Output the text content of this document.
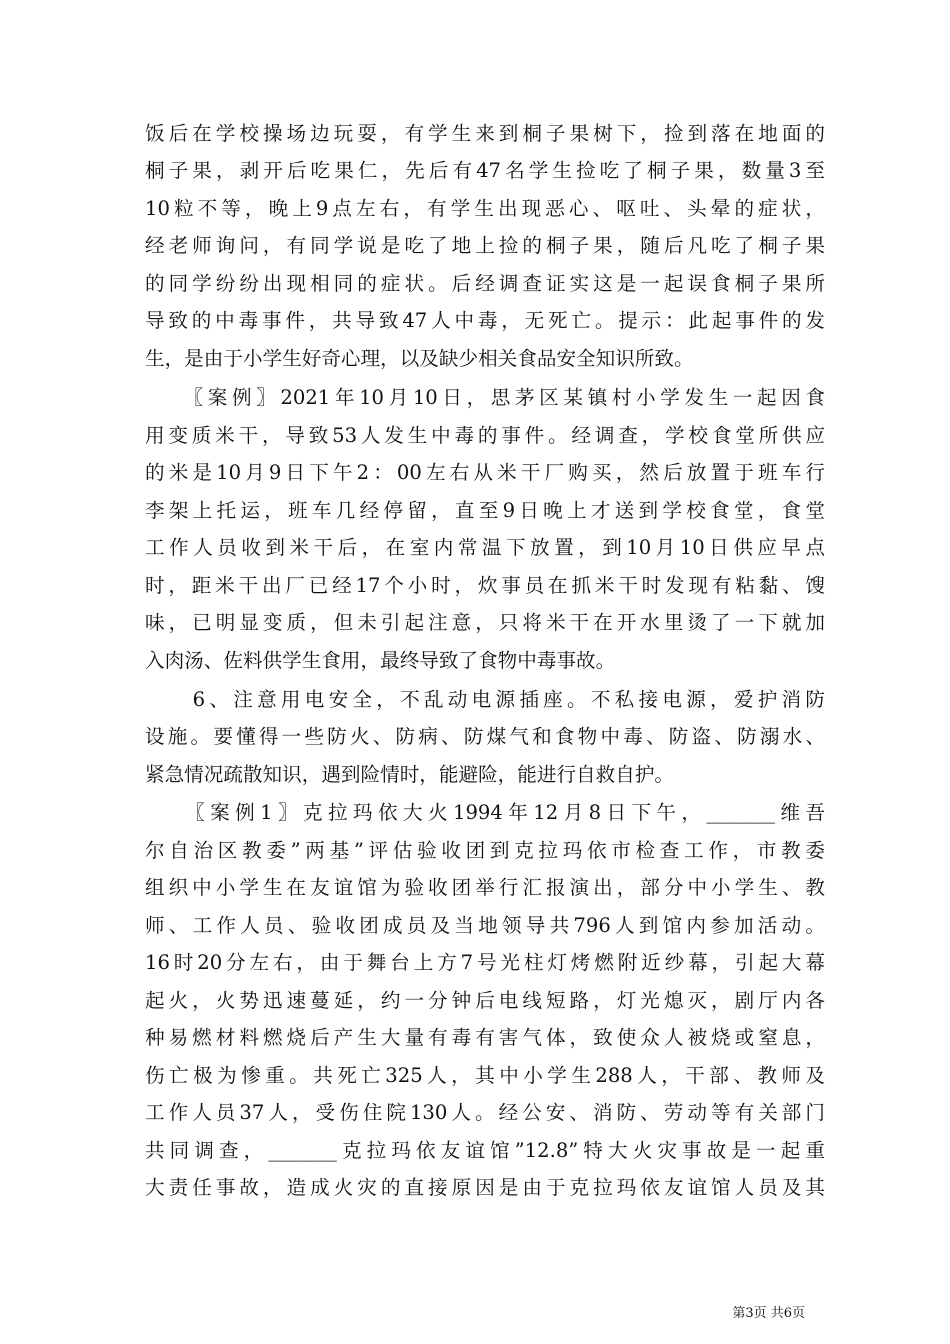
饭后在学校操场边玩耍，有学生来到桐子果树下，捡到落在地面的
桐子果，剥开后吃果仁，先后有47名学生捡吃了桐子果，数量3至
10粒不等，晚上9点左右，有学生出现恶心、呕吐、头晕的症状，
经老师询问，有同学说是吃了地上捡的桐子果，随后凡吃了桐子果
的同学纷纷出现相同的症状。后经调查证实这是一起误食桐子果所
导致的中毒事件，共导致47人中毒，无死亡。提示：此起事件的发
生，是由于小学生好奇心理，以及缺少相关食品安全知识所致。
　　〖案例〗2021年10月10日，思茅区某镇村小学发生一起因食
用变质米干，导致53人发生中毒的事件。经调查，学校食堂所供应
的米是10月9日下午2：00左右从米干厂购买，然后放置于班车行
李架上托运，班车几经停留，直至9日晚上才送到学校食堂，食堂
工作人员收到米干后，在室内常温下放置，到10月10日供应早点
时，距米干出厂已经17个小时，炊事员在抓米干时发现有粘黏、馊
味，已明显变质，但未引起注意，只将米干在开水里烫了一下就加
入肉汤、佐料供学生食用，最终导致了食物中毒事故。
　　6、注意用电安全，不乱动电源插座。不私接电源，爱护消防
设施。要懂得一些防火、防病、防煤气和食物中毒、防盗、防溺水、
紧急情况疏散知识，遇到险情时，能避险，能进行自救自护。
　　〖案例1〗克拉玛依大火1994年12月8日下午，_______维吾
尔自治区教委”两基”评估验收团到克拉玛依市检查工作，市教委
组织中小学生在友谊馆为验收团举行汇报演出，部分中小学生、教
师、工作人员、验收团成员及当地领导共796人到馆内参加活动。
16时20分左右，由于舞台上方7号光柱灯烤燃附近纱幕，引起大幕
起火，火势迅速蔓延，约一分钟后电线短路，灯光熄灭，剧厅内各
种易燃材料燃烧后产生大量有毒有害气体，致使众人被烧或窒息，
伤亡极为惨重。共死亡325人，其中小学生288人，干部、教师及
工作人员37人，受伤住院130人。经公安、消防、劳动等有关部门
共同调查，_______克拉玛依友谊馆”12.8”特大火灾事故是一起重
大责任事故，造成火灾的直接原因是由于克拉玛依友谊馆人员及其
第3页 共6页
